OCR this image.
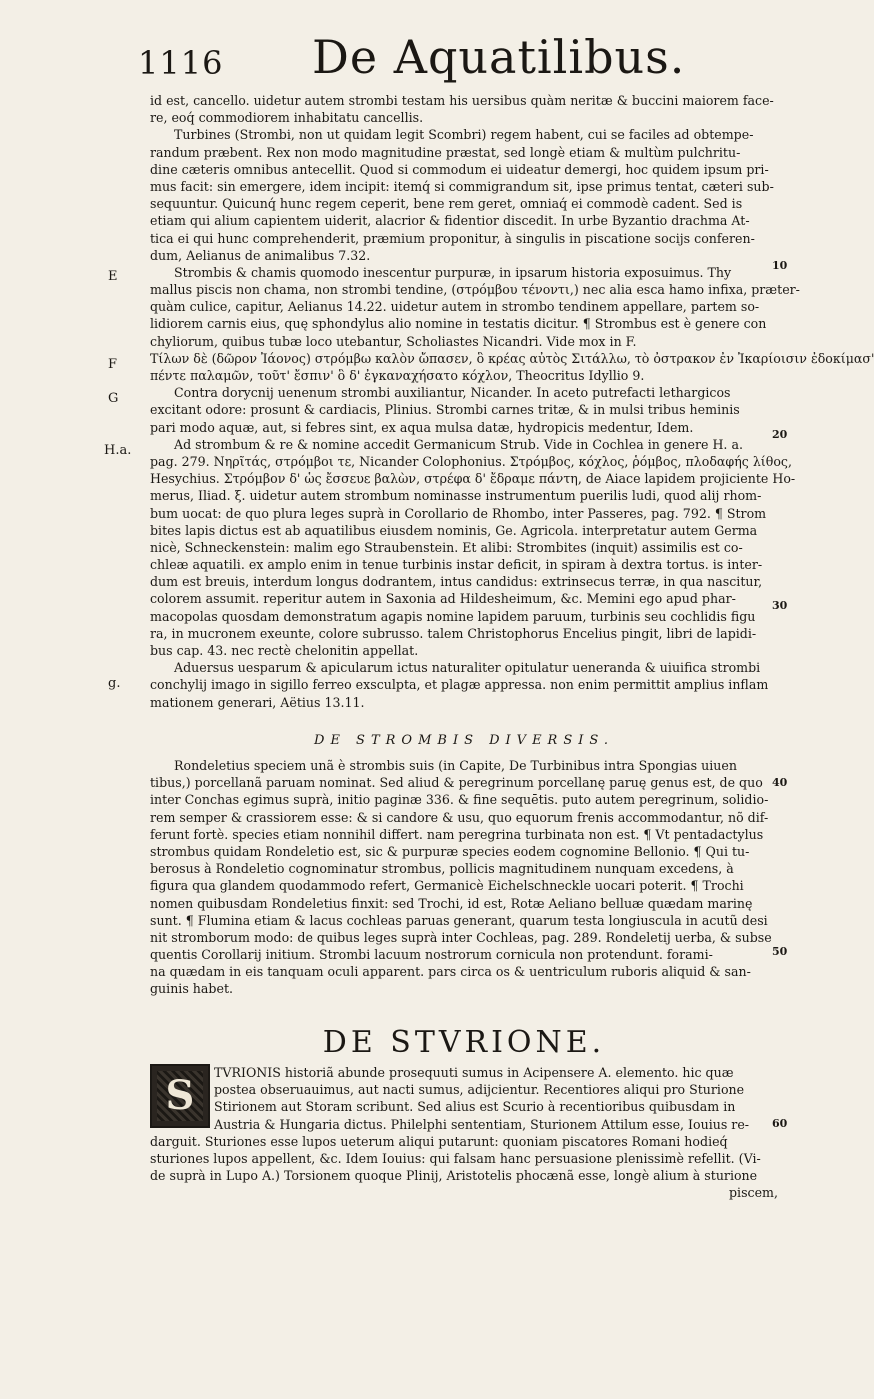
1116 De Aquatilibus.
id est, cancello. uidetur autem strombi testam his uersibus quàm neritæ & buccini maiorem face-
re, eoq́ commodiorem inhabitatu cancellis.
Turbines (Strombi, non ut quidam legit Scombri) regem habent, cui se faciles ad obtempe-
randum præbent. Rex non modo magnitudine præstat, sed longè etiam & multùm pulchritu-
dine cæteris omnibus antecellit. Quod si commodum ei uideatur demergi, hoc quidem ipsum pri-
mus facit: sin emergere, idem incipit: itemq́ si commigrandum sit, ipse primus tentat, cæteri sub-
sequuntur. Quicunq́ hunc regem ceperit, bene rem geret, omniaq́ ei commodè cadent. Sed is
etiam qui alium capientem uiderit, alacrior & fidentior discedit. In urbe Byzantio drachma At-
tica ei qui hunc comprehenderit, præmium proponitur, à singulis in piscatione socijs conferen-
dum, Aelianus de animalibus 7.32.
Strombis & chamis quomodo inescentur purpuræ, in ipsarum historia exposuimus. Thy
mallus piscis non chama, non strombi tendine, (στρόμβου τένοντι,) nec alia esca hamo infixa, præter-
quàm culice, capitur, Aelianus 14.22. uidetur autem in strombo tendinem appellare, partem so-
lidiorem carnis eius, quę sphondylus alio nomine in testatis dicitur. ¶ Strombus est è genere con
chyliorum, quibus tubæ loco utebantur, Scholiastes Nicandri. Vide mox in F.
Τίλων δὲ (δῶρον Ἰάονος) στρόμβω καλὸν ὤπασεν, ὃ κρέας αὐτὸς Σιτάλλω, τὸ ὀστρακον ἐν Ἰκαρίοισιν ἐδοκίμασ'
πέντε παλαμῶν, τοῦτ' ἔσπιν' ὃ δ' ἐγκαναχήσατο κόχλον, Theocritus Idyllio 9.
Contra dorycnij uenenum strombi auxiliantur, Nicander. In aceto putrefacti lethargicos
excitant odore: prosunt & cardiacis, Plinius. Strombi carnes tritæ, & in mulsi tribus heminis
pari modo aquæ, aut, si febres sint, ex aqua mulsa datæ, hydropicis medentur, Idem.
Ad strombum & re & nomine accedit Germanicum Strub. Vide in Cochlea in genere H. a.
pag. 279. Νηρῖτάς, στρόμβοι τε, Nicander Colophonius. Στρόμβος, κόχλος, ῥόμβος, πλοδαφής λίθος,
Hesychius. Στρόμβον δ' ὡς ἔσσευε βαλὼν, στρέφα δ' ἔδραμε πάντη, de Aiace lapidem projiciente Ho-
merus, Iliad. ξ. uidetur autem strombum nominasse instrumentum puerilis ludi, quod alij rhom-
bum uocat: de quo plura leges suprà in Corollario de Rhombo, inter Passeres, pag. 792. ¶ Strom
bites lapis dictus est ab aquatilibus eiusdem nominis, Ge. Agricola. interpretatur autem Germa
nicè, Schneckenstein: malim ego Straubenstein. Et alibi: Strombites (inquit) assimilis est co-
chleæ aquatili. ex amplo enim in tenue turbinis instar deficit, in spiram à dextra tortus. is inter-
dum est breuis, interdum longus dodrantem, intus candidus: extrinsecus terræ, in qua nascitur,
colorem assumit. reperitur autem in Saxonia ad Hildesheimum, &c. Memini ego apud phar-
macopolas quosdam demonstratum agapis nomine lapidem paruum, turbinis seu cochlidis figu
ra, in mucronem exeunte, colore subrusso. talem Christophorus Encelius pingit, libri de lapidi-
bus cap. 43. nec rectè chelonitin appellat.
Aduersus uesparum & apicularum ictus naturaliter opitulatur ueneranda & uiuifica strombi
conchylij imago in sigillo ferreo exsculpta, et plagæ appressa. non enim permittit amplius inflam
mationem generari, Aëtius 13.11.
DE STROMBIS DIVERSIS.
Rondeletius speciem unã è strombis suis (in Capite, De Turbinibus intra Spongias uiuen
tibus,) porcellanã paruam nominat. Sed aliud & peregrinum porcellanę paruę genus est, de quo
inter Conchas egimus suprà, initio paginæ 336. & fine sequētis. puto autem peregrinum, solidio-
rem semper & crassiorem esse: & si candore & usu, quo equorum frenis accommodantur, nõ dif-
ferunt fortè. species etiam nonnihil differt. nam peregrina turbinata non est. ¶ Vt pentadactylus
strombus quidam Rondeletio est, sic & purpuræ species eodem cognomine Bellonio. ¶ Qui tu-
berosus à Rondeletio cognominatur strombus, pollicis magnitudinem nunquam excedens, à
figura qua glandem quodammodo refert, Germanicè Eichelschneckle uocari poterit. ¶ Trochi
nomen quibusdam Rondeletius finxit: sed Trochi, id est, Rotæ Aeliano belluæ quædam marinę
sunt. ¶ Flumina etiam & lacus cochleas paruas generant, quarum testa longiuscula in acutũ desi
nit stromborum modo: de quibus leges suprà inter Cochleas, pag. 289. Rondeletij uerba, & subse
quentis Corollarij initium. Strombi lacuum nostrorum cornicula non protendunt. forami-
na quædam in eis tanquam oculi apparent. pars circa os & uentriculum ruboris aliquid & san-
guinis habet.
DE STVRIONE.
S	TVRIONIS historiã abunde prosequuti sumus in Acipensere A. elemento. hic quæ
postea obseruauimus, aut nacti sumus, adijcientur. Recentiores aliqui pro Sturione
Stirionem aut Storam scribunt. Sed alius est Scurio à recentioribus quibusdam in
Austria & Hungaria dictus. Philelphi sententiam, Sturionem Attilum esse, Iouius re-
darguit. Sturiones esse lupos ueterum aliqui putarunt: quoniam piscatores Romani hodieq́
sturiones lupos appellent, &c. Idem Iouius: qui falsam hanc persuasione plenissimè refellit. (Vi-
de suprà in Lupo A.) Torsionem quoque Plinij, Aristotelis phocænã esse, longè alium à sturione
piscem,
E
F
G
H.a.
g.
10
20
30
40
50
60
